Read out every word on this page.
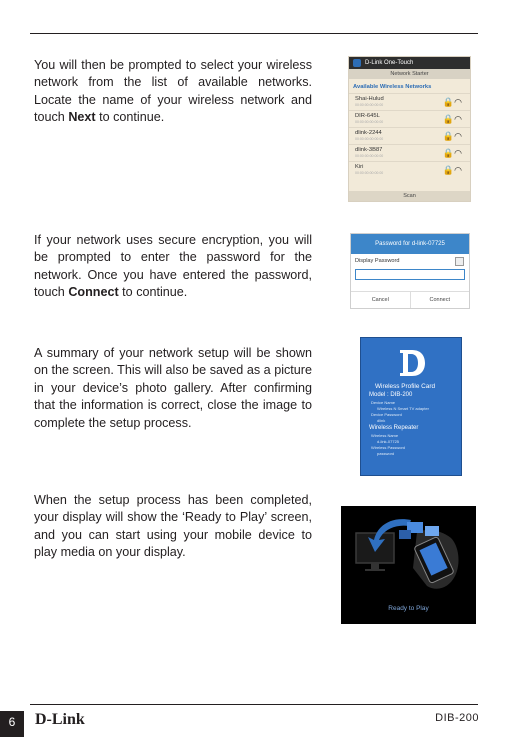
You will then be prompted to select your wireless network from the list of available networks. Locate the name of your wireless network and touch Next to continue.

D-Link One-Touch
Network Starter
Available Wireless Networks
Shai-Hulud
00:00:00:00:00:00	🔒◠
DIR-645L
00:00:00:00:00:00	🔒◠
dlink-2244
00:00:00:00:00:00	🔒◠
dlink-3B87
00:00:00:00:00:00	🔒◠
Kiri
00:00:00:00:00:00	🔒◠
Scan

If your network uses secure encryption, you will be prompted to enter the password for the network. Once you have entered the password, touch Connect to continue.

Password for d-link-07725
Display Password
Cancel	Connect

A summary of your network setup will be shown on the screen. This will also be saved as a picture in your device’s photo gallery. After confirming that the information is correct, close the image to complete the setup process.

Wireless Profile Card
Model : DIB-200
Device Name
Wireless N Smart TV adapter
Device Password
dlink
Wireless Repeater
Wireless Name
d-link-07725
Wireless Password
password

When the setup process has been completed, your display will show the ‘Ready to Play’ screen, and you can start using your mobile device to play media on your display.

Ready to Play
6	D-Link	DIB-200
